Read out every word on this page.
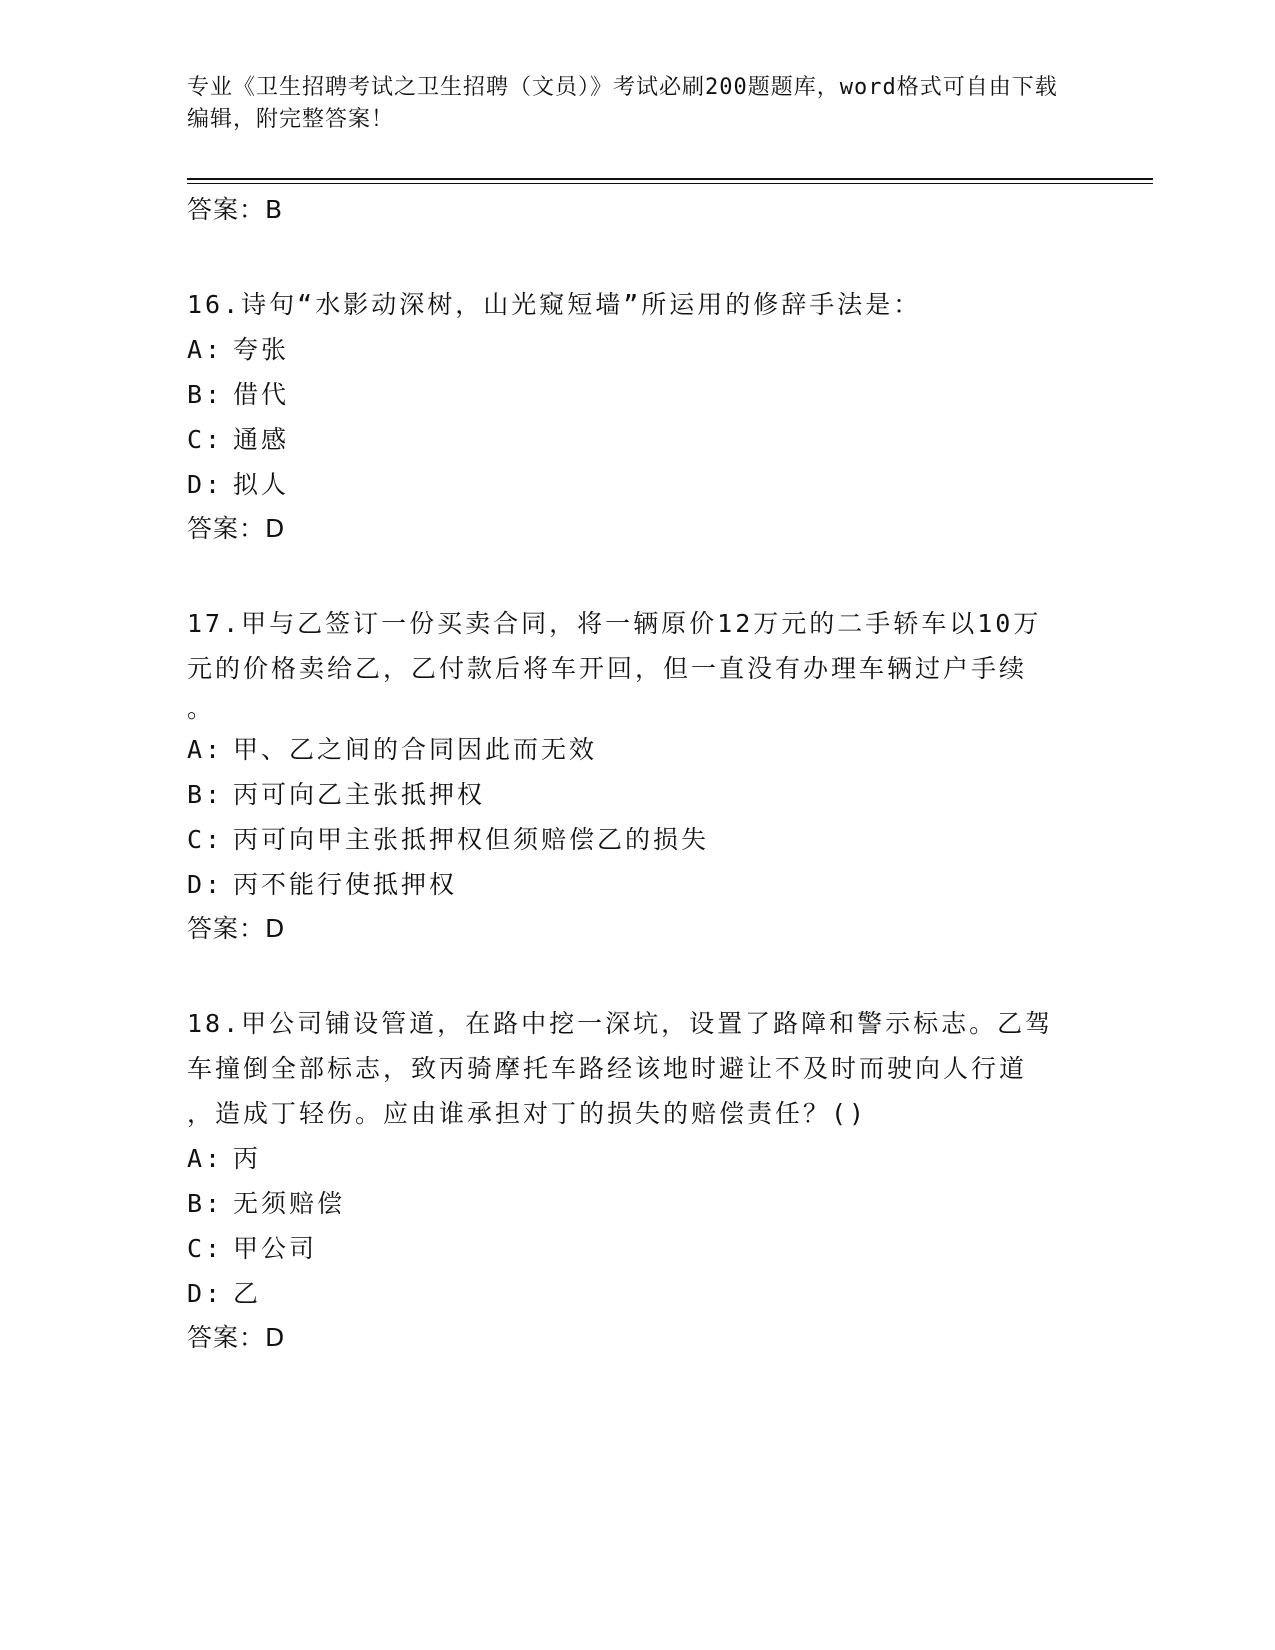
专业《卫生招聘考试之卫生招聘（文员）》考试必刷200题题库，word格式可自由下载编辑，附完整答案！
答案：B
16.诗句“水影动深树，山光窥短墙”所运用的修辞手法是：
A: 夸张
B: 借代
C: 通感
D: 拟人
答案：D
17.甲与乙签订一份买卖合同，将一辆原价12万元的二手轿车以10万
元的价格卖给乙，乙付款后将车开回，但一直没有办理车辆过户手续
。
A: 甲、乙之间的合同因此而无效
B: 丙可向乙主张抵押权
C: 丙可向甲主张抵押权但须赔偿乙的损失
D: 丙不能行使抵押权
答案：D
18.甲公司铺设管道，在路中挖一深坑，设置了路障和警示标志。乙驾
车撞倒全部标志，致丙骑摩托车路经该地时避让不及时而驶向人行道
，造成丁轻伤。应由谁承担对丁的损失的赔偿责任？()
A: 丙
B: 无须赔偿
C: 甲公司
D: 乙
答案：D
